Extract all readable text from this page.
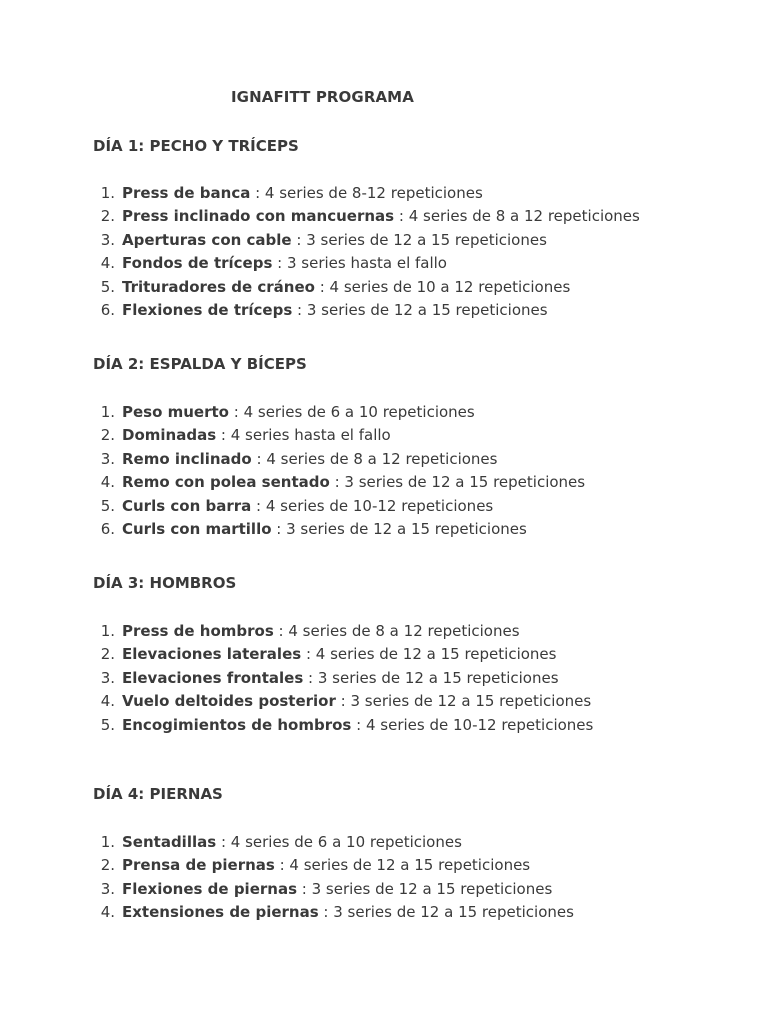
IGNAFITT PROGRAMA
DÍA 1: PECHO Y TRÍCEPS
1. Press de banca : 4 series de 8-12 repeticiones
2. Press inclinado con mancuernas : 4 series de 8 a 12 repeticiones
3. Aperturas con cable : 3 series de 12 a 15 repeticiones
4. Fondos de tríceps : 3 series hasta el fallo
5. Trituradores de cráneo : 4 series de 10 a 12 repeticiones
6. Flexiones de tríceps : 3 series de 12 a 15 repeticiones
DÍA 2: ESPALDA Y BÍCEPS
1. Peso muerto : 4 series de 6 a 10 repeticiones
2. Dominadas : 4 series hasta el fallo
3. Remo inclinado : 4 series de 8 a 12 repeticiones
4. Remo con polea sentado : 3 series de 12 a 15 repeticiones
5. Curls con barra : 4 series de 10-12 repeticiones
6. Curls con martillo : 3 series de 12 a 15 repeticiones
DÍA 3: HOMBROS
1. Press de hombros : 4 series de 8 a 12 repeticiones
2. Elevaciones laterales : 4 series de 12 a 15 repeticiones
3. Elevaciones frontales : 3 series de 12 a 15 repeticiones
4. Vuelo deltoides posterior : 3 series de 12 a 15 repeticiones
5. Encogimientos de hombros : 4 series de 10-12 repeticiones
DÍA 4: PIERNAS
1. Sentadillas : 4 series de 6 a 10 repeticiones
2. Prensa de piernas : 4 series de 12 a 15 repeticiones
3. Flexiones de piernas : 3 series de 12 a 15 repeticiones
4. Extensiones de piernas : 3 series de 12 a 15 repeticiones
